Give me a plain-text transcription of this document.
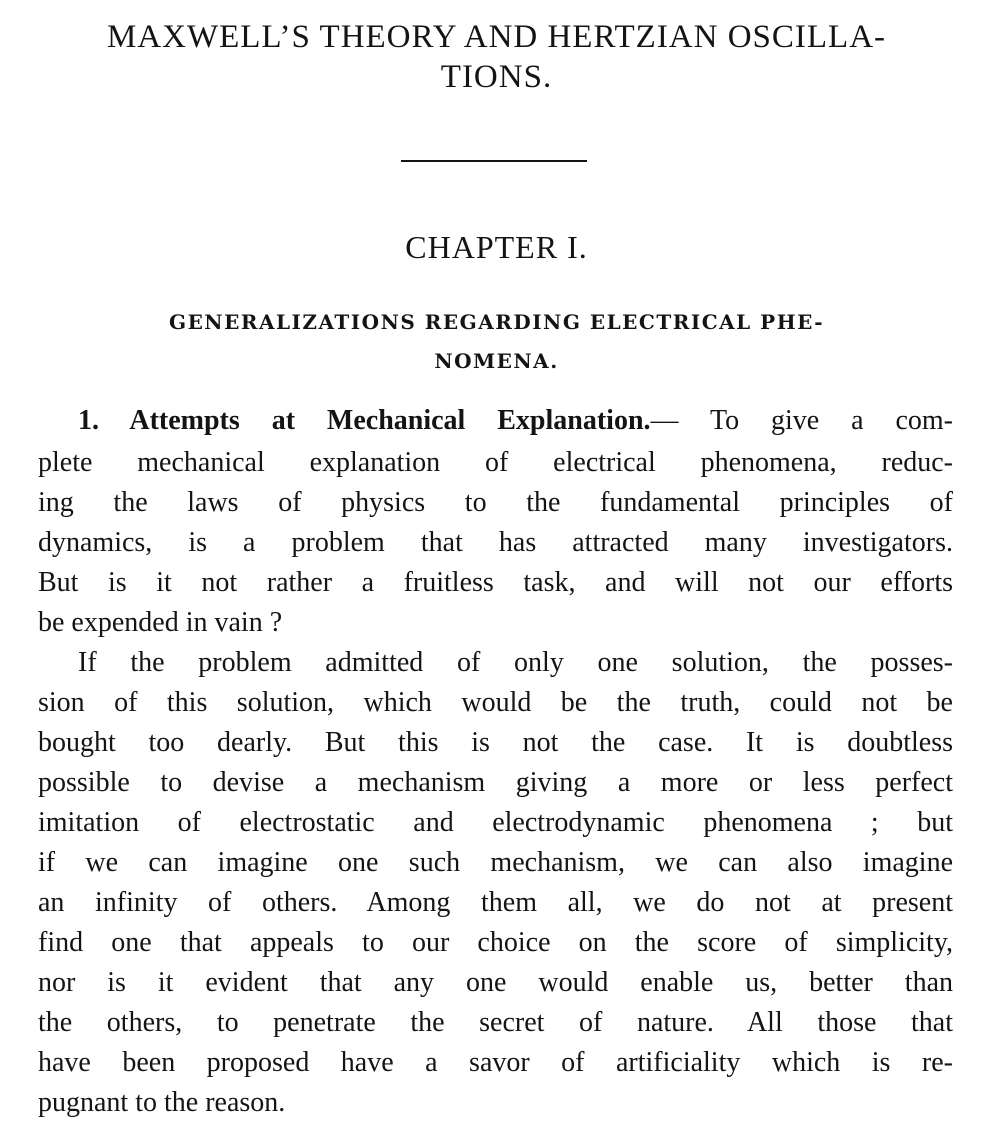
MAXWELL’S THEORY AND HERTZIAN OSCILLA-
TIONS.
CHAPTER I.
GENERALIZATIONS REGARDING ELECTRICAL PHE-
NOMENA.
1. Attempts at Mechanical Explanation.— To give a com-
plete mechanical explanation of electrical phenomena, reduc-
ing the laws of physics to the fundamental principles of
dynamics, is a problem that has attracted many investigators.
But is it not rather a fruitless task, and will not our efforts
be expended in vain ?
If the problem admitted of only one solution, the posses-
sion of this solution, which would be the truth, could not be
bought too dearly. But this is not the case. It is doubtless
possible to devise a mechanism giving a more or less perfect
imitation of electrostatic and electrodynamic phenomena ; but
if we can imagine one such mechanism, we can also imagine
an infinity of others. Among them all, we do not at present
find one that appeals to our choice on the score of simplicity,
nor is it evident that any one would enable us, better than
the others, to penetrate the secret of nature. All those that
have been proposed have a savor of artificiality which is re-
pugnant to the reason.
